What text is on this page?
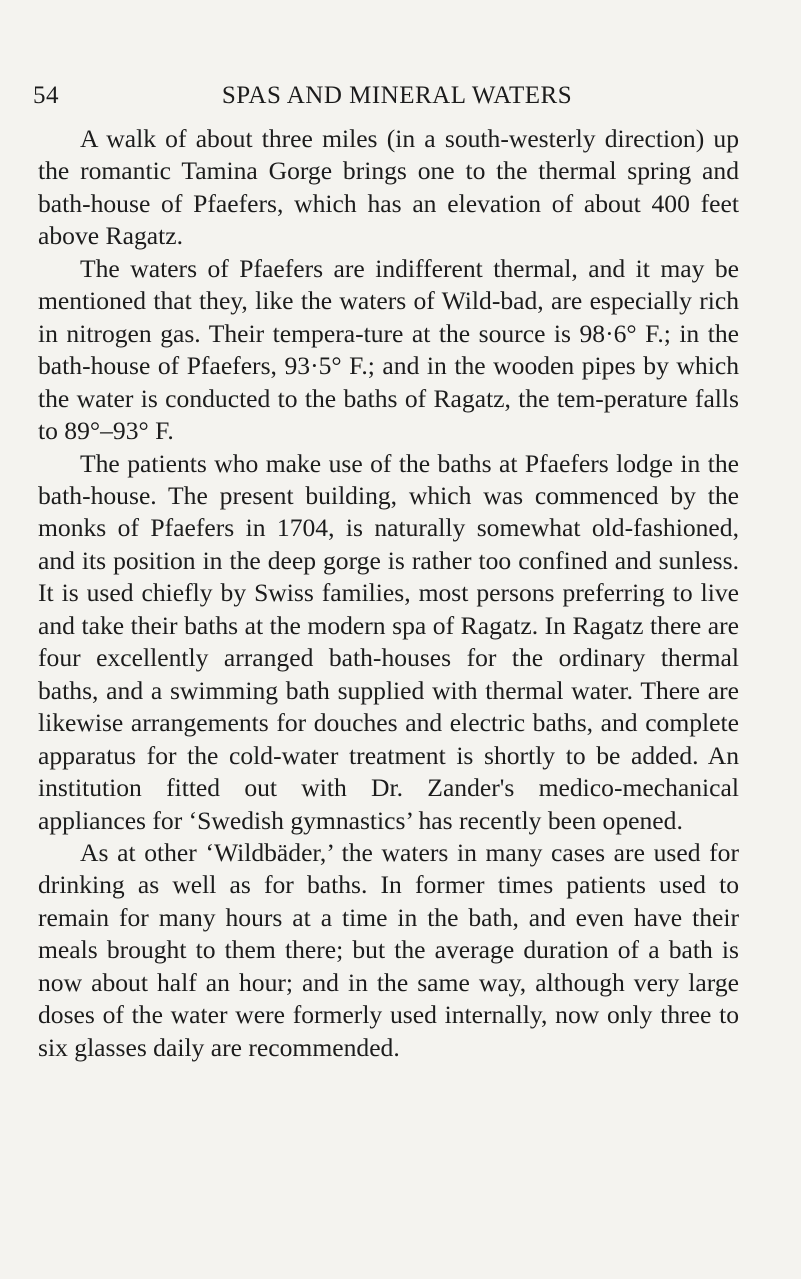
54	SPAS AND MINERAL WATERS

A walk of about three miles (in a south-westerly direction) up the romantic Tamina Gorge brings one to the thermal spring and bath-house of Pfaefers, which has an elevation of about 400 feet above Ragatz.

The waters of Pfaefers are indifferent thermal, and it may be mentioned that they, like the waters of Wild-bad, are especially rich in nitrogen gas. Their tempera-ture at the source is 98·6° F.; in the bath-house of Pfaefers, 93·5° F.; and in the wooden pipes by which the water is conducted to the baths of Ragatz, the tem-perature falls to 89°–93° F.

The patients who make use of the baths at Pfaefers lodge in the bath-house. The present building, which was commenced by the monks of Pfaefers in 1704, is naturally somewhat old-fashioned, and its position in the deep gorge is rather too confined and sunless. It is used chiefly by Swiss families, most persons preferring to live and take their baths at the modern spa of Ragatz. In Ragatz there are four excellently arranged bath-houses for the ordinary thermal baths, and a swimming bath supplied with thermal water. There are likewise arrangements for douches and electric baths, and complete apparatus for the cold-water treatment is shortly to be added. An institution fitted out with Dr. Zander's medico-mechanical appliances for ‘Swedish gymnastics’ has recently been opened.

As at other ‘Wildbäder,’ the waters in many cases are used for drinking as well as for baths. In former times patients used to remain for many hours at a time in the bath, and even have their meals brought to them there; but the average duration of a bath is now about half an hour; and in the same way, although very large doses of the water were formerly used internally, now only three to six glasses daily are recommended.
